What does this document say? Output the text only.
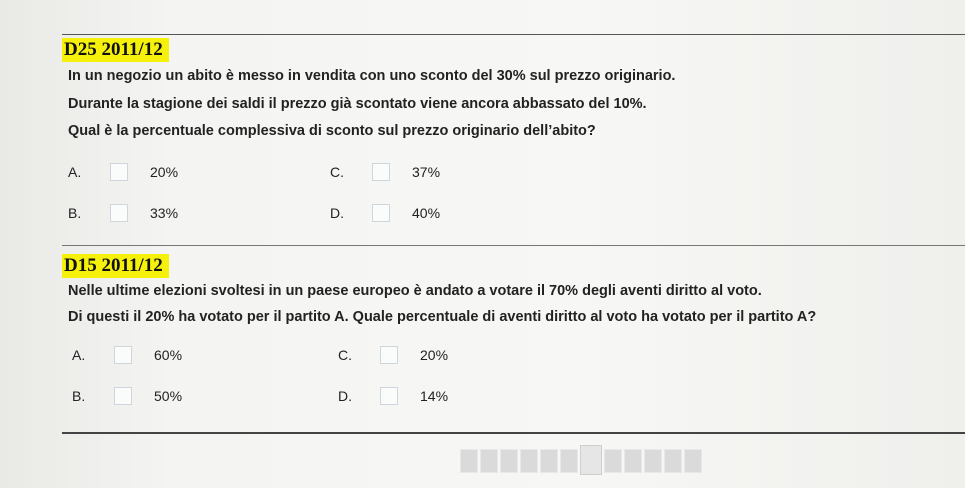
D25 2011/12
In un negozio un abito è messo in vendita con uno sconto del 30% sul prezzo originario.
Durante la stagione dei saldi il prezzo già scontato viene ancora abbassato del 10%.
Qual è la percentuale complessiva di sconto sul prezzo originario dell’abito?
A.	20%
B.	33%
C.	37%
D.	40%
D15 2011/12
Nelle ultime elezioni svoltesi in un paese europeo è andato a votare il 70% degli aventi diritto al voto.
Di questi il 20% ha votato per il partito A. Quale percentuale di aventi diritto al voto ha votato per il partito A?
A.	60%
B.	50%
C.	20%
D.	14%
